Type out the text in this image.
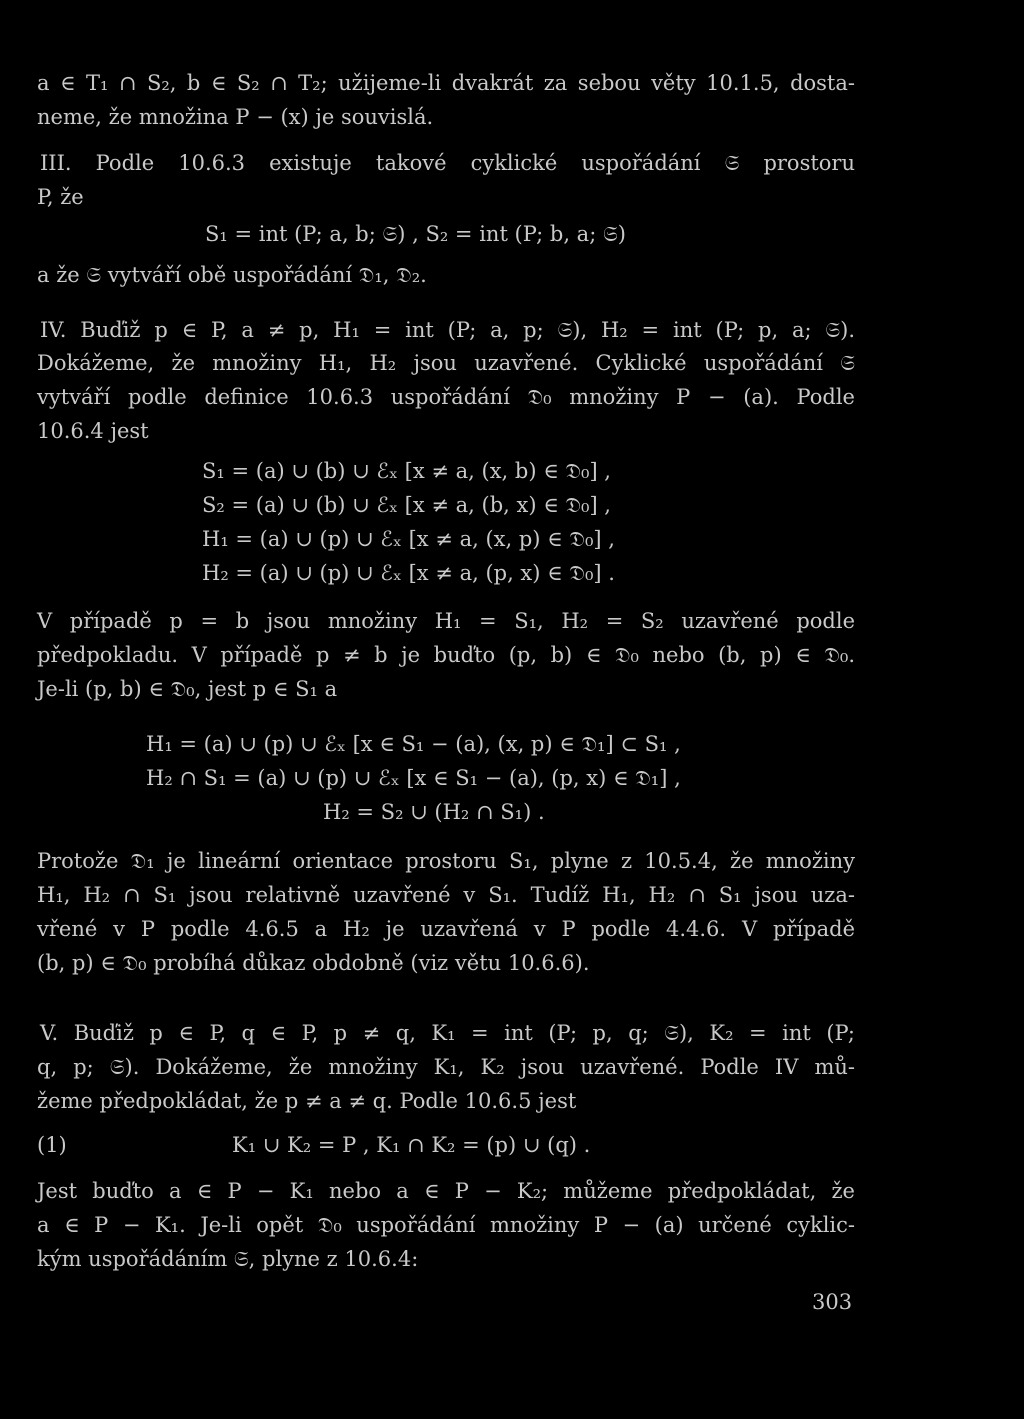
a ∈ T₁ ∩ S₂, b ∈ S₂ ∩ T₂; užijeme-li dvakrát za sebou věty 10.1.5, dosta-
neme, že množina P − (x) je souvislá.
III. Podle 10.6.3 existuje takové cyklické uspořádání 𝔖 prostoru
P, že
S₁ = int (P; a, b; 𝔖) , S₂ = int (P; b, a; 𝔖)
a že 𝔖 vytváří obě uspořádání 𝔇₁, 𝔇₂.
IV. Buďiž p ∈ P, a ≠ p, H₁ = int (P; a, p; 𝔖), H₂ = int (P; p, a; 𝔖).
Dokážeme, že množiny H₁, H₂ jsou uzavřené. Cyklické uspořádání 𝔖
vytváří podle definice 10.6.3 uspořádání 𝔇₀ množiny P − (a). Podle
10.6.4 jest
S₁ = (a) ∪ (b) ∪ ℰₓ [x ≠ a, (x, b) ∈ 𝔇₀] ,
S₂ = (a) ∪ (b) ∪ ℰₓ [x ≠ a, (b, x) ∈ 𝔇₀] ,
H₁ = (a) ∪ (p) ∪ ℰₓ [x ≠ a, (x, p) ∈ 𝔇₀] ,
H₂ = (a) ∪ (p) ∪ ℰₓ [x ≠ a, (p, x) ∈ 𝔇₀] .
V případě p = b jsou množiny H₁ = S₁, H₂ = S₂ uzavřené podle
předpokladu. V případě p ≠ b je buďto (p, b) ∈ 𝔇₀ nebo (b, p) ∈ 𝔇₀.
Je-li (p, b) ∈ 𝔇₀, jest p ∈ S₁ a
H₁ = (a) ∪ (p) ∪ ℰₓ [x ∈ S₁ − (a), (x, p) ∈ 𝔇₁] ⊂ S₁ ,
H₂ ∩ S₁ = (a) ∪ (p) ∪ ℰₓ [x ∈ S₁ − (a), (p, x) ∈ 𝔇₁] ,
H₂ = S₂ ∪ (H₂ ∩ S₁) .
Protože 𝔇₁ je lineární orientace prostoru S₁, plyne z 10.5.4, že množiny
H₁, H₂ ∩ S₁ jsou relativně uzavřené v S₁. Tudíž H₁, H₂ ∩ S₁ jsou uza-
vřené v P podle 4.6.5 a H₂ je uzavřená v P podle 4.4.6. V případě
(b, p) ∈ 𝔇₀ probíhá důkaz obdobně (viz větu 10.6.6).
V. Buďiž p ∈ P, q ∈ P, p ≠ q, K₁ = int (P; p, q; 𝔖), K₂ = int (P;
q, p; 𝔖). Dokážeme, že množiny K₁, K₂ jsou uzavřené. Podle IV mů-
žeme předpokládat, že p ≠ a ≠ q. Podle 10.6.5 jest
(1)	K₁ ∪ K₂ = P , K₁ ∩ K₂ = (p) ∪ (q) .
Jest buďto a ∈ P − K₁ nebo a ∈ P − K₂; můžeme předpokládat, že
a ∈ P − K₁. Je-li opět 𝔇₀ uspořádání množiny P − (a) určené cyklic-
kým uspořádáním 𝔖, plyne z 10.6.4:
303
